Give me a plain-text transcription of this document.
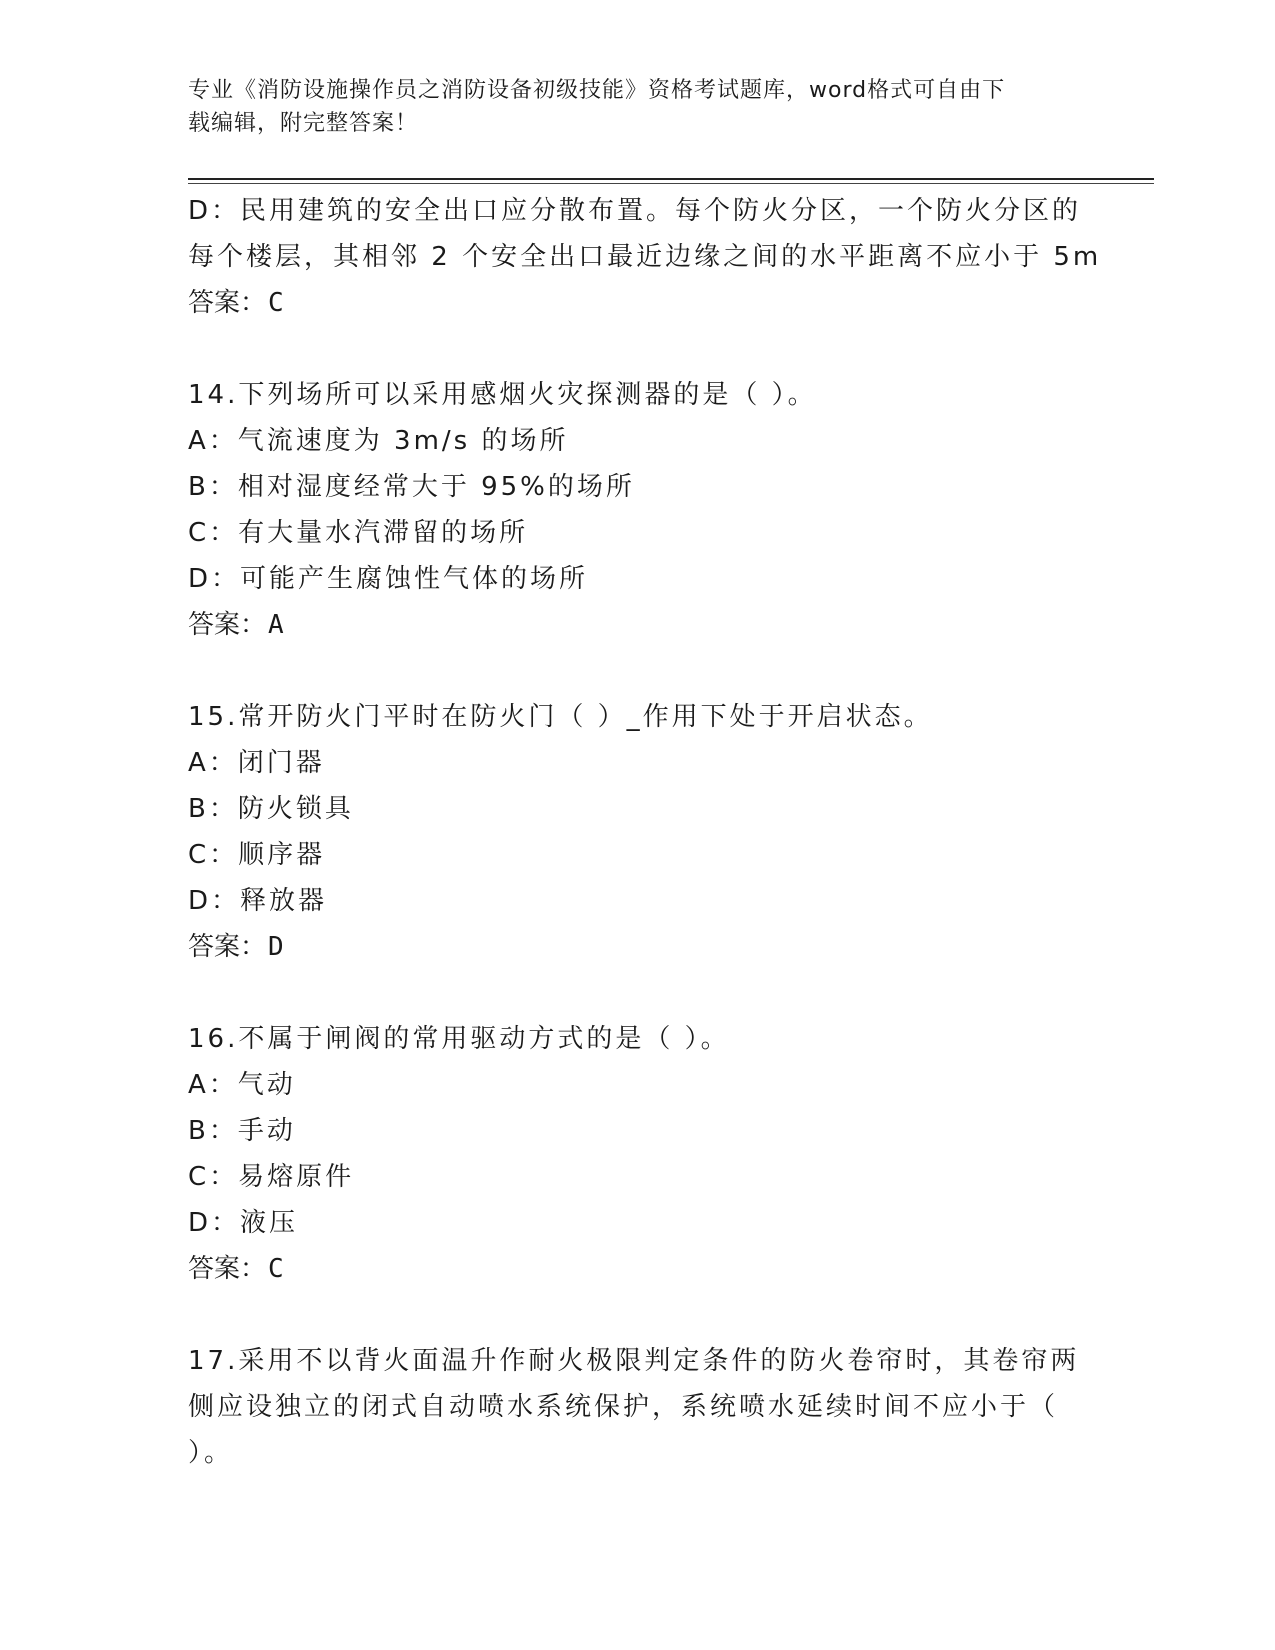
专业《消防设施操作员之消防设备初级技能》资格考试题库，word格式可自由下
载编辑，附完整答案！
D：民用建筑的安全出口应分散布置。每个防火分区，一个防火分区的
每个楼层，其相邻 2 个安全出口最近边缘之间的水平距离不应小于 5m
答案：C
14.下列场所可以采用感烟火灾探测器的是（ ）。
A：气流速度为 3m/s 的场所
B：相对湿度经常大于 95%的场所
C：有大量水汽滞留的场所
D：可能产生腐蚀性气体的场所
答案：A
15.常开防火门平时在防火门（ ）_作用下处于开启状态。
A：闭门器
B：防火锁具
C：顺序器
D：释放器
答案：D
16.不属于闸阀的常用驱动方式的是（ ）。
A：气动
B：手动
C：易熔原件
D：液压
答案：C
17.采用不以背火面温升作耐火极限判定条件的防火卷帘时，其卷帘两
侧应设独立的闭式自动喷水系统保护，系统喷水延续时间不应小于（
）。
